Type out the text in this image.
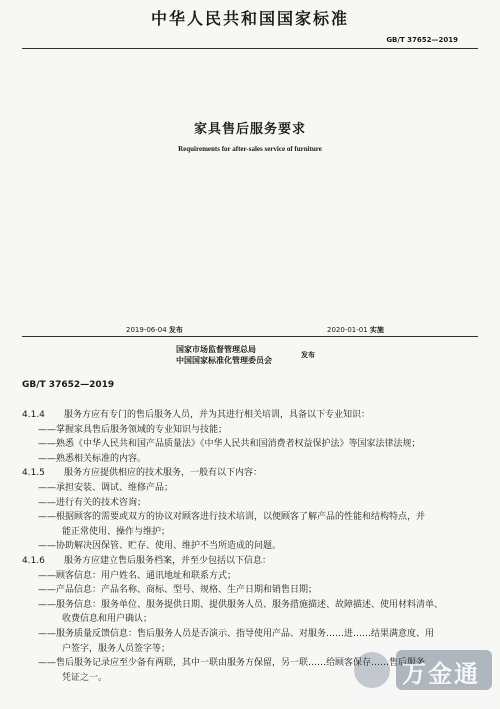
中华人民共和国国家标准
GB/T 37652—2019
家具售后服务要求
Requirements for after-sales service of furniture
2019-06-04 发布	2020-01-01 实施
国家市场监督管理总局
中国国家标准化管理委员会
发布
GB/T 37652—2019
4.1.4 服务方应有专门的售后服务人员，并为其进行相关培训，具备以下专业知识：
——掌握家具售后服务领域的专业知识与技能；
——熟悉《中华人民共和国产品质量法》《中华人民共和国消费者权益保护法》等国家法律法规；
——熟悉相关标准的内容。
4.1.5 服务方应提供相应的技术服务，一般有以下内容：
——承担安装、调试、维修产品；
——进行有关的技术咨询；
——根据顾客的需要或双方的协议对顾客进行技术培训，以便顾客了解产品的性能和结构特点，并
能正常使用、操作与维护；
——协助解决因保管、贮存、使用、维护不当所造成的问题。
4.1.6 服务方应建立售后服务档案，并至少包括以下信息：
——顾客信息：用户姓名、通讯地址和联系方式；
——产品信息：产品名称、商标、型号、规格、生产日期和销售日期；
——服务信息：服务单位、服务提供日期、提供服务人员、服务措施描述、故障描述、使用材料清单、
收费信息和用户确认；
——服务质量反馈信息：售后服务人员是否演示、指导使用产品、对服务……进……结果满意度、用
户签字，服务人员签字等；
——售后服务记录应至少备有两联，其中一联由服务方保留，另一联……给顾客保存……售后服务
凭证之一。	万金通
